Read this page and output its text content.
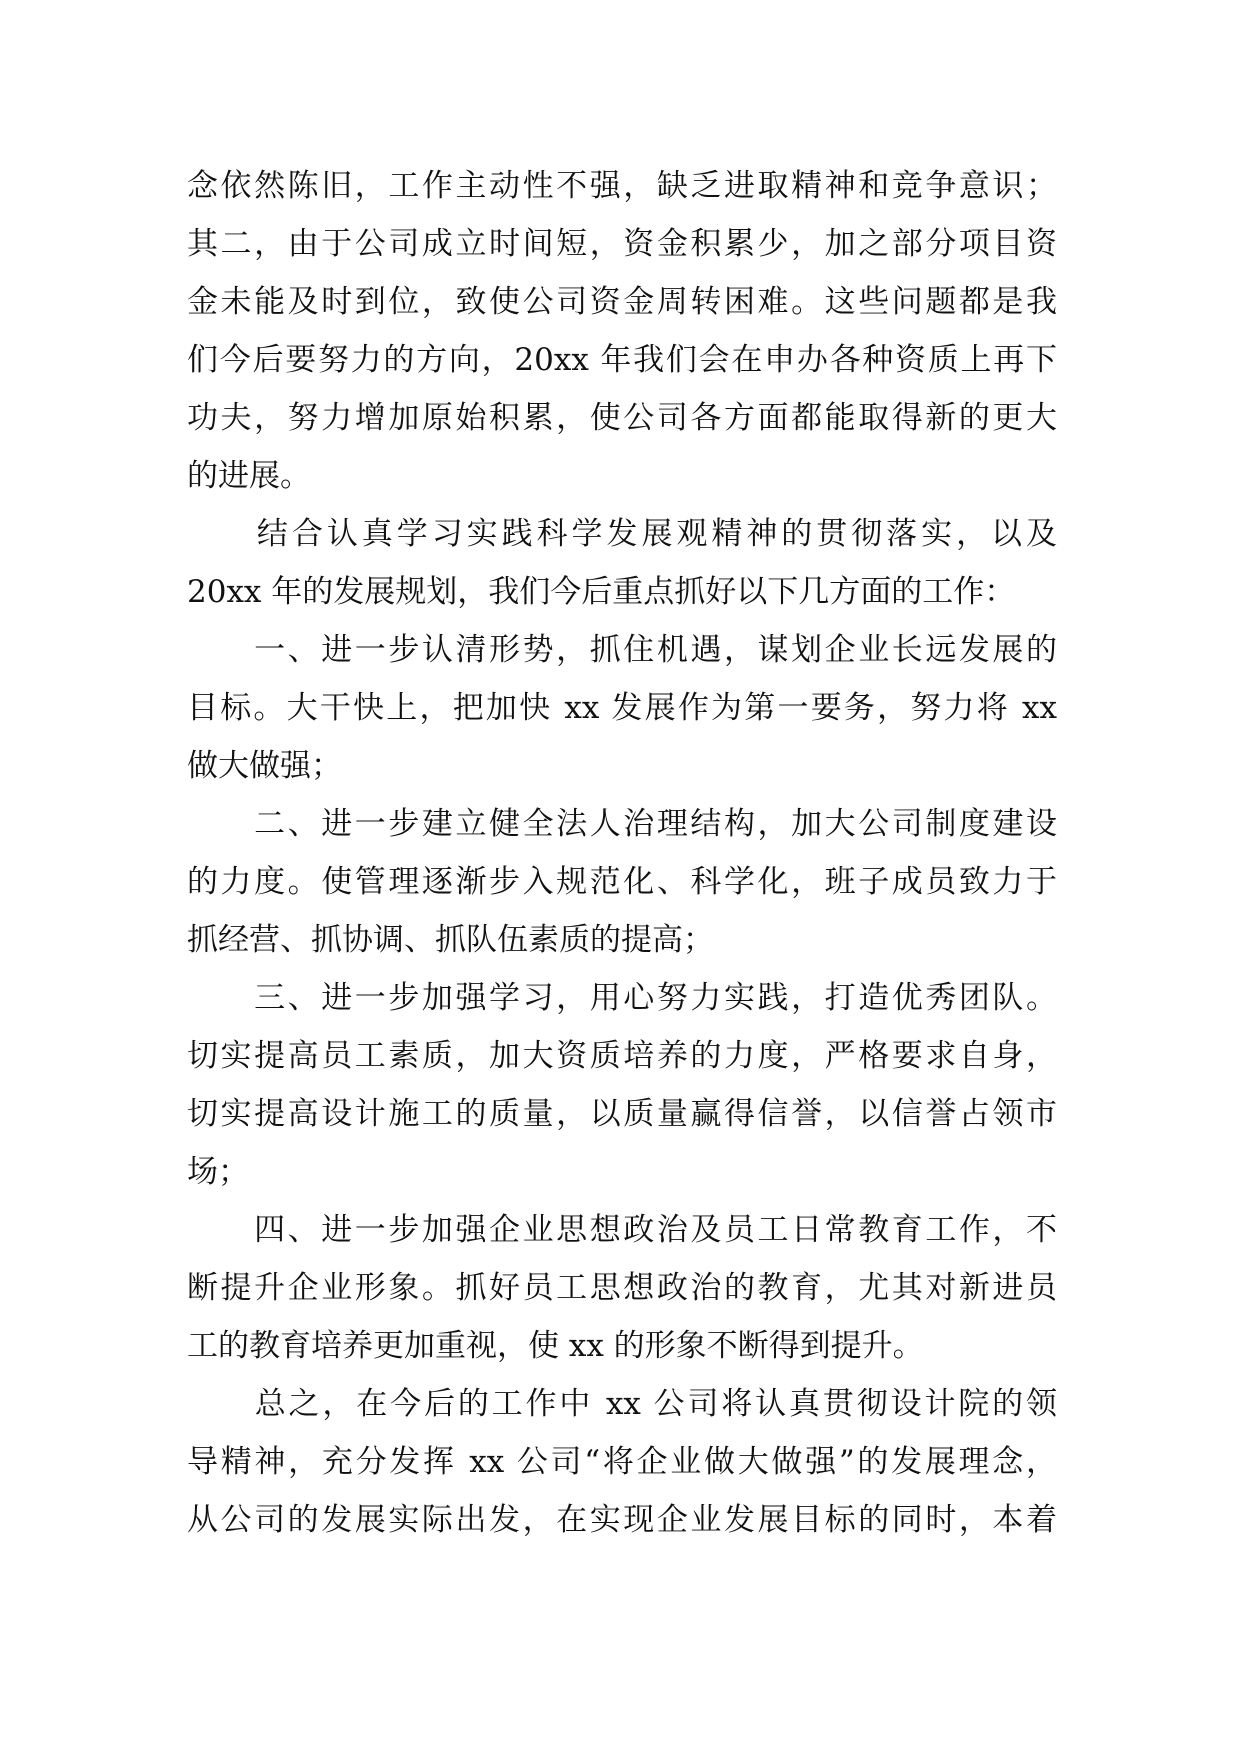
念依然陈旧，工作主动性不强，缺乏进取精神和竞争意识；
其二，由于公司成立时间短，资金积累少，加之部分项目资
金未能及时到位，致使公司资金周转困难。这些问题都是我
们今后要努力的方向，20xx 年我们会在申办各种资质上再下
功夫，努力增加原始积累，使公司各方面都能取得新的更大
的进展。
　　结合认真学习实践科学发展观精神的贯彻落实，以及
20xx 年的发展规划，我们今后重点抓好以下几方面的工作：
　　一、进一步认清形势，抓住机遇，谋划企业长远发展的
目标。大干快上，把加快 xx 发展作为第一要务，努力将 xx
做大做强；
　　二、进一步建立健全法人治理结构，加大公司制度建设
的力度。使管理逐渐步入规范化、科学化，班子成员致力于
抓经营、抓协调、抓队伍素质的提高；
　　三、进一步加强学习，用心努力实践，打造优秀团队。
切实提高员工素质，加大资质培养的力度，严格要求自身，
切实提高设计施工的质量，以质量赢得信誉，以信誉占领市
场；
　　四、进一步加强企业思想政治及员工日常教育工作，不
断提升企业形象。抓好员工思想政治的教育，尤其对新进员
工的教育培养更加重视，使 xx 的形象不断得到提升。
　　总之，在今后的工作中 xx 公司将认真贯彻设计院的领
导精神，充分发挥 xx 公司“将企业做大做强”的发展理念，
从公司的发展实际出发，在实现企业发展目标的同时，本着
